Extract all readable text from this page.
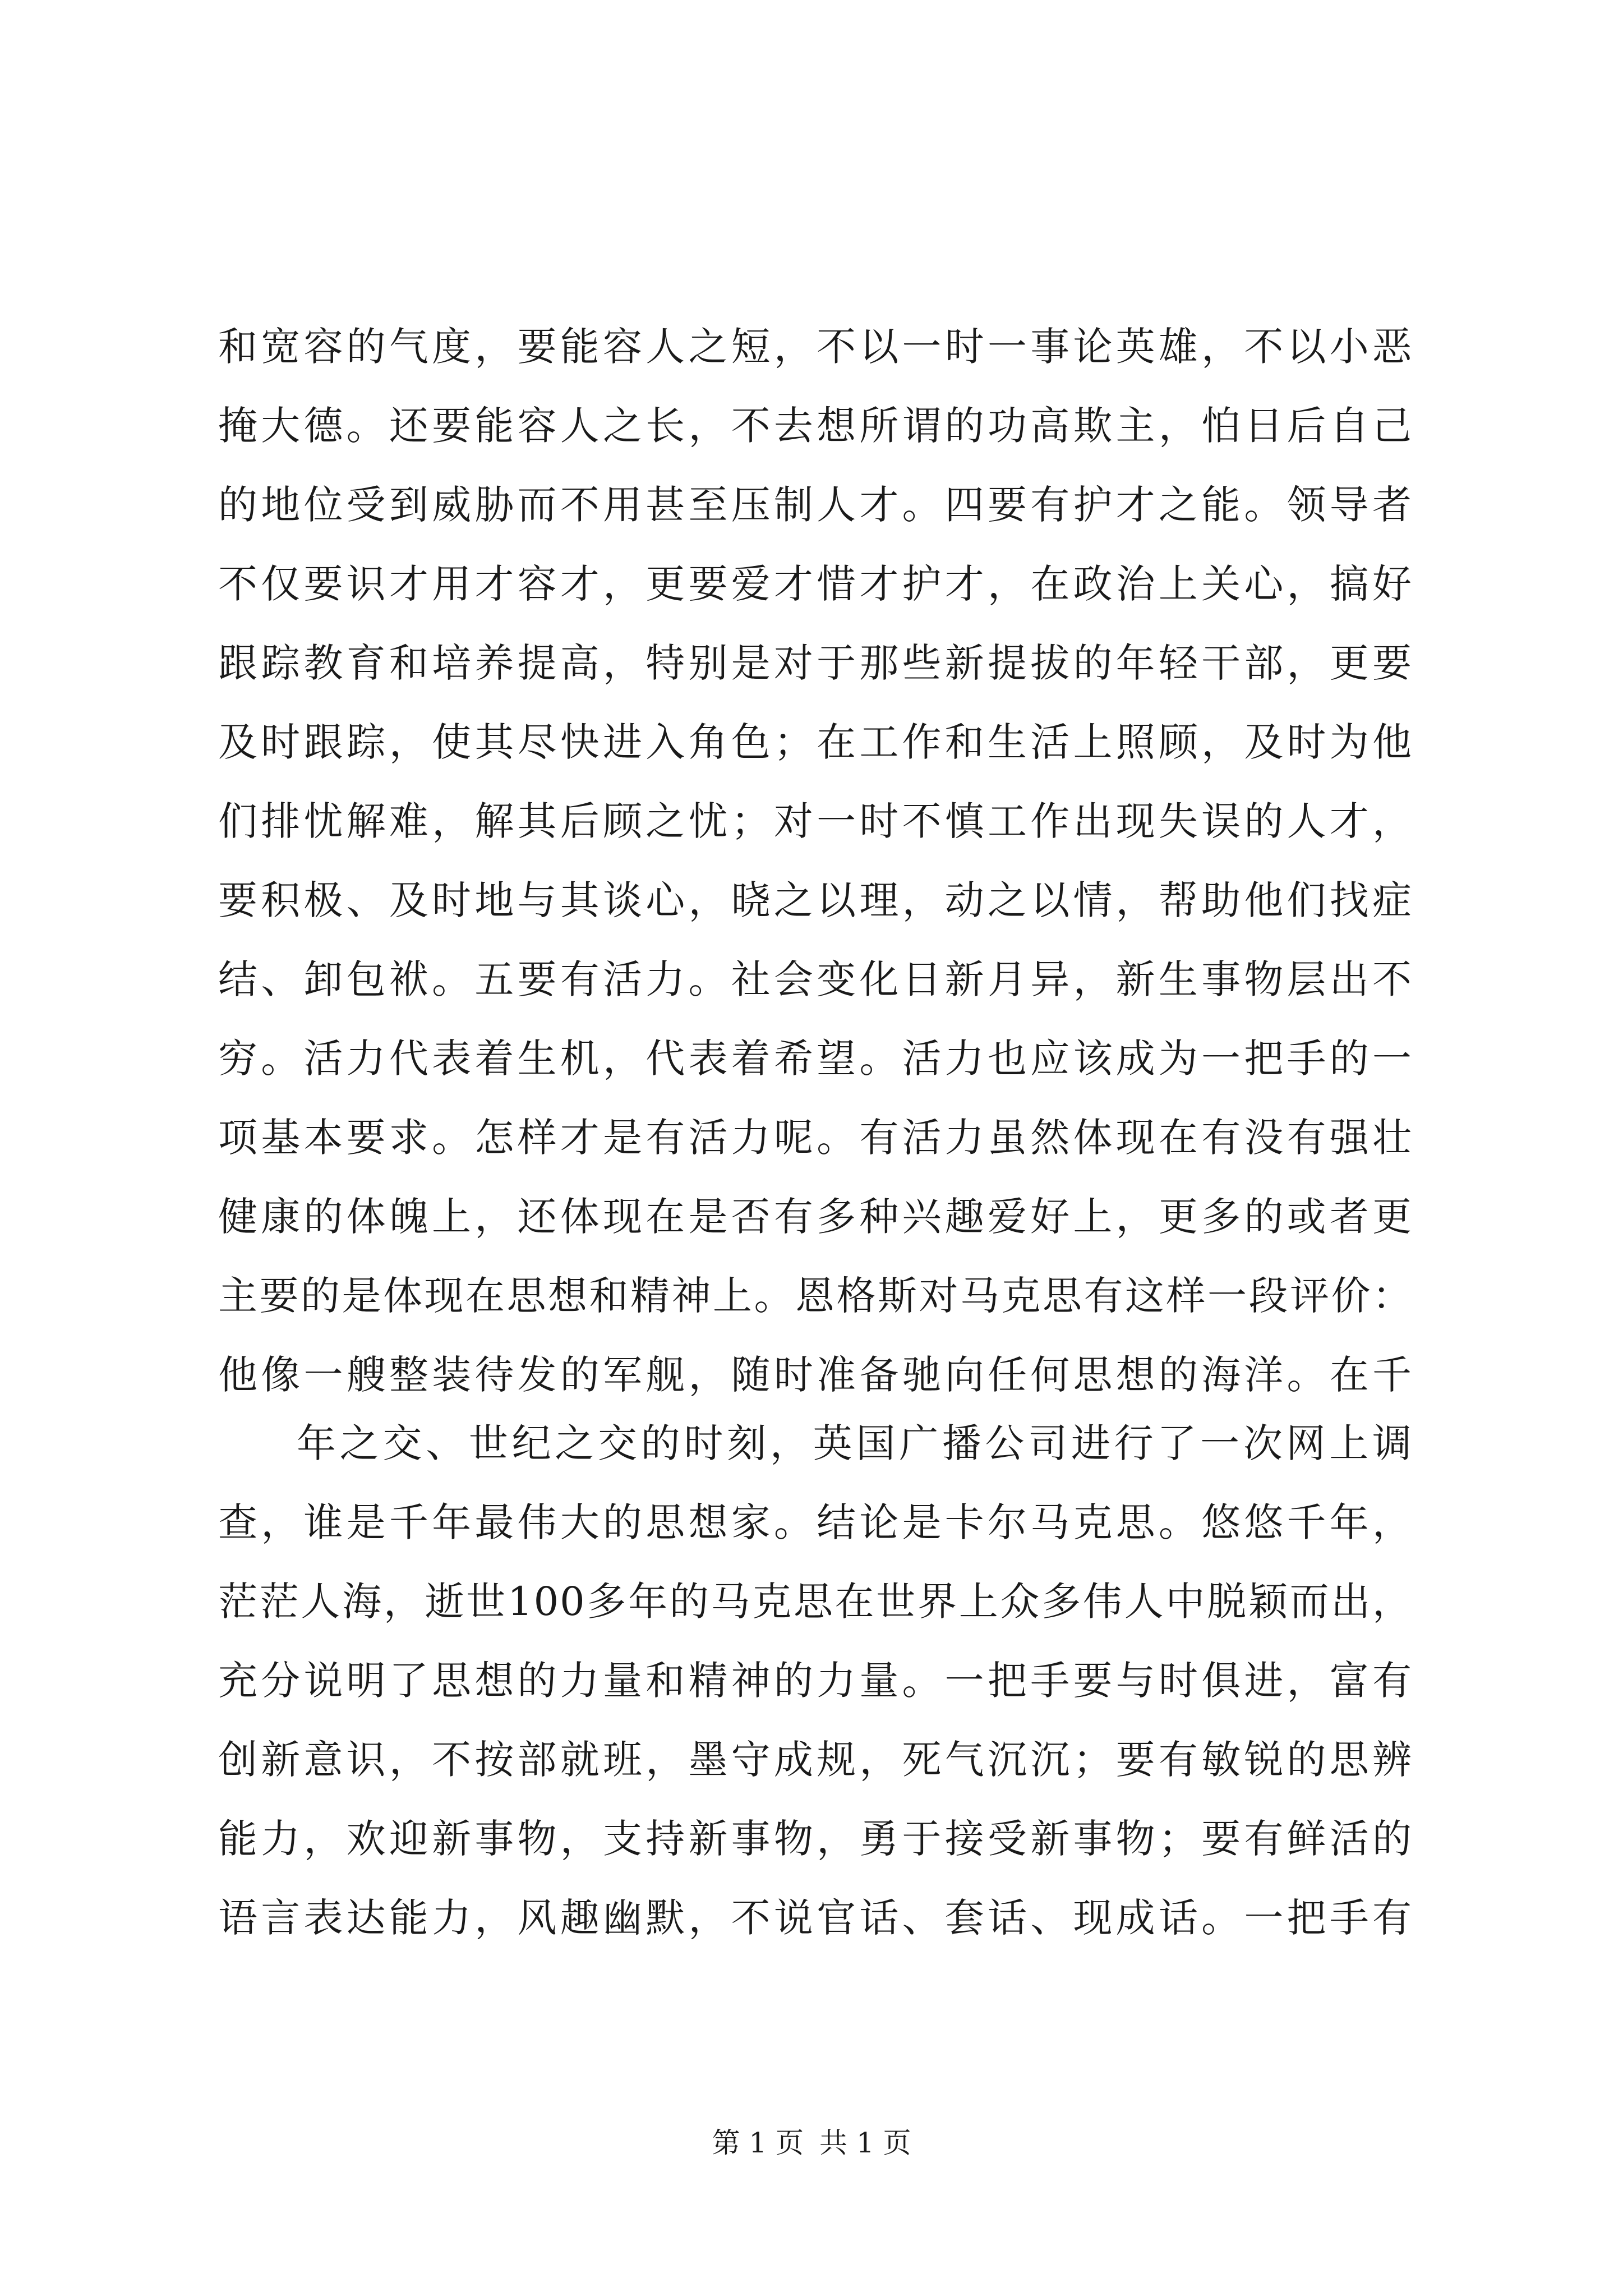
和宽容的气度，要能容人之短，不以一时一事论英雄，不以小恶
掩大德。还要能容人之长，不去想所谓的功高欺主，怕日后自己
的地位受到威胁而不用甚至压制人才。四要有护才之能。领导者
不仅要识才用才容才，更要爱才惜才护才，在政治上关心，搞好
跟踪教育和培养提高，特别是对于那些新提拔的年轻干部，更要
及时跟踪，使其尽快进入角色；在工作和生活上照顾，及时为他
们排忧解难，解其后顾之忧；对一时不慎工作出现失误的人才，
要积极、及时地与其谈心，晓之以理，动之以情，帮助他们找症
结、卸包袱。五要有活力。社会变化日新月异，新生事物层出不
穷。活力代表着生机，代表着希望。活力也应该成为一把手的一
项基本要求。怎样才是有活力呢。有活力虽然体现在有没有强壮
健康的体魄上，还体现在是否有多种兴趣爱好上，更多的或者更
主要的是体现在思想和精神上。恩格斯对马克思有这样一段评价：
他像一艘整装待发的军舰，随时准备驰向任何思想的海洋。在千
年之交、世纪之交的时刻，英国广播公司进行了一次网上调
查，谁是千年最伟大的思想家。结论是卡尔马克思。悠悠千年，
茫茫人海，逝世100多年的马克思在世界上众多伟人中脱颖而出，
充分说明了思想的力量和精神的力量。一把手要与时俱进，富有
创新意识，不按部就班，墨守成规，死气沉沉；要有敏锐的思辨
能力，欢迎新事物，支持新事物，勇于接受新事物；要有鲜活的
语言表达能力，风趣幽默，不说官话、套话、现成话。一把手有
第 1 页 共 1 页
